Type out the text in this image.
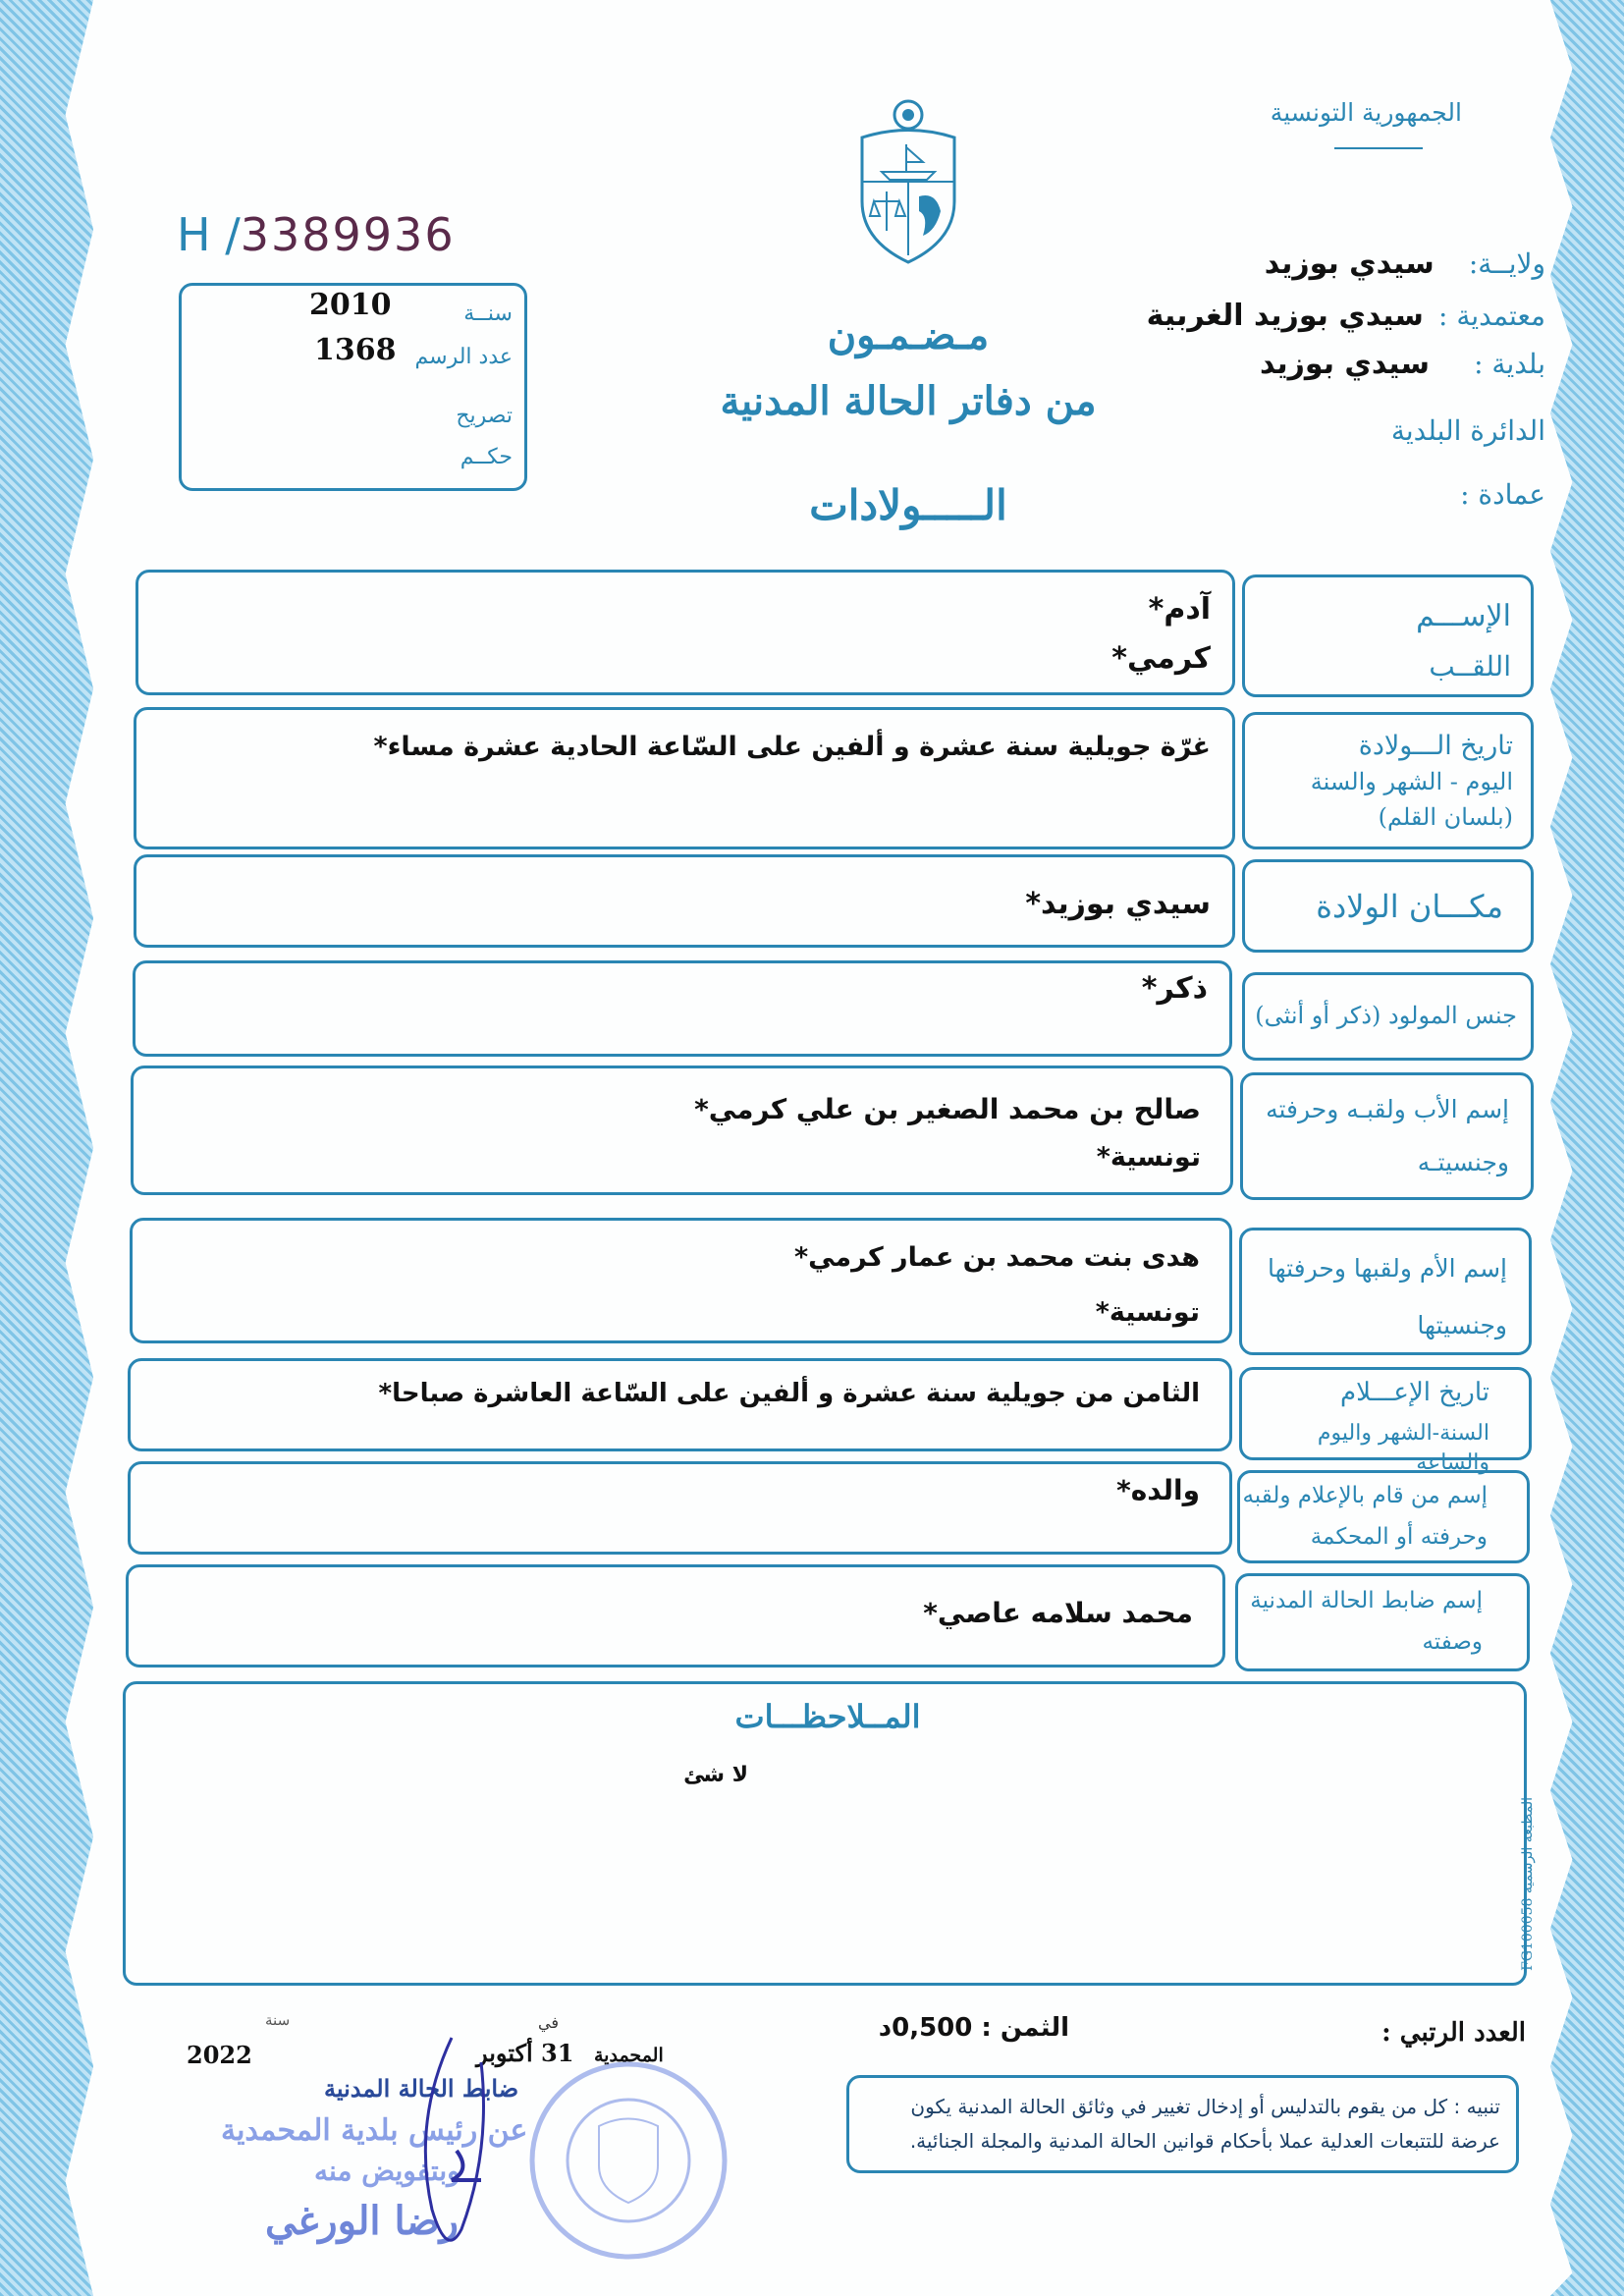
الجمهورية التونسية
ولايــة: سيدي بوزيد
معتمدية : سيدي بوزيد الغربية
بلدية : سيدي بوزيد
الدائرة البلدية
عمادة :
مـضـمـون
من دفاتر الحالة المدنية
الـــــولادات
H /3389936
سنــة
2010
عدد الرسم
1368
تصريح
حكــم
الإســـم
اللقــب
آدم*
كرمي*
تاريخ الـــولادة
اليوم - الشهر والسنة
(بلسان القلم)
غرّة جويلية سنة عشرة و ألفين على السّاعة الحادية عشرة مساء*
مكـــان الولادة
سيدي بوزيد*
جنس المولود (ذكر أو أنثى)
ذكر*
إسم الأب ولقبـه وحرفته
وجنسيتـه
صالح بن محمد الصغير بن علي كرمي*
تونسية*
إسم الأم ولقبها وحرفتها
وجنسيتها
هدى بنت محمد بن عمار كرمي*
تونسية*
تاريخ الإعـــلام
السنة-الشهر واليوم والساعة
الثامن من جويلية سنة عشرة و ألفين على السّاعة العاشرة صباحا*
إسم من قام بالإعلام ولقبه
وحرفته أو المحكمة
والده*
إسم ضابط الحالة المدنية
وصفته
محمد سلامه عاصي*
المــلاحظـــات
لا شئ
المطبعة الرسمية FG100058
العدد الرتبي :
الثمن : 0,500د
تنبيه : كل من يقوم بالتدليس أو إدخال تغيير في وثائق الحالة المدنية يكون عرضة للتتبعات العدلية عملا بأحكام قوانين الحالة المدنية والمجلة الجنائية.
سنة
2022
في
31 أكتوبر المحمدية
ضابط الحالة المدنية
عن رئيس بلدية المحمدية
وبتفويض منه
رضا الورغي
